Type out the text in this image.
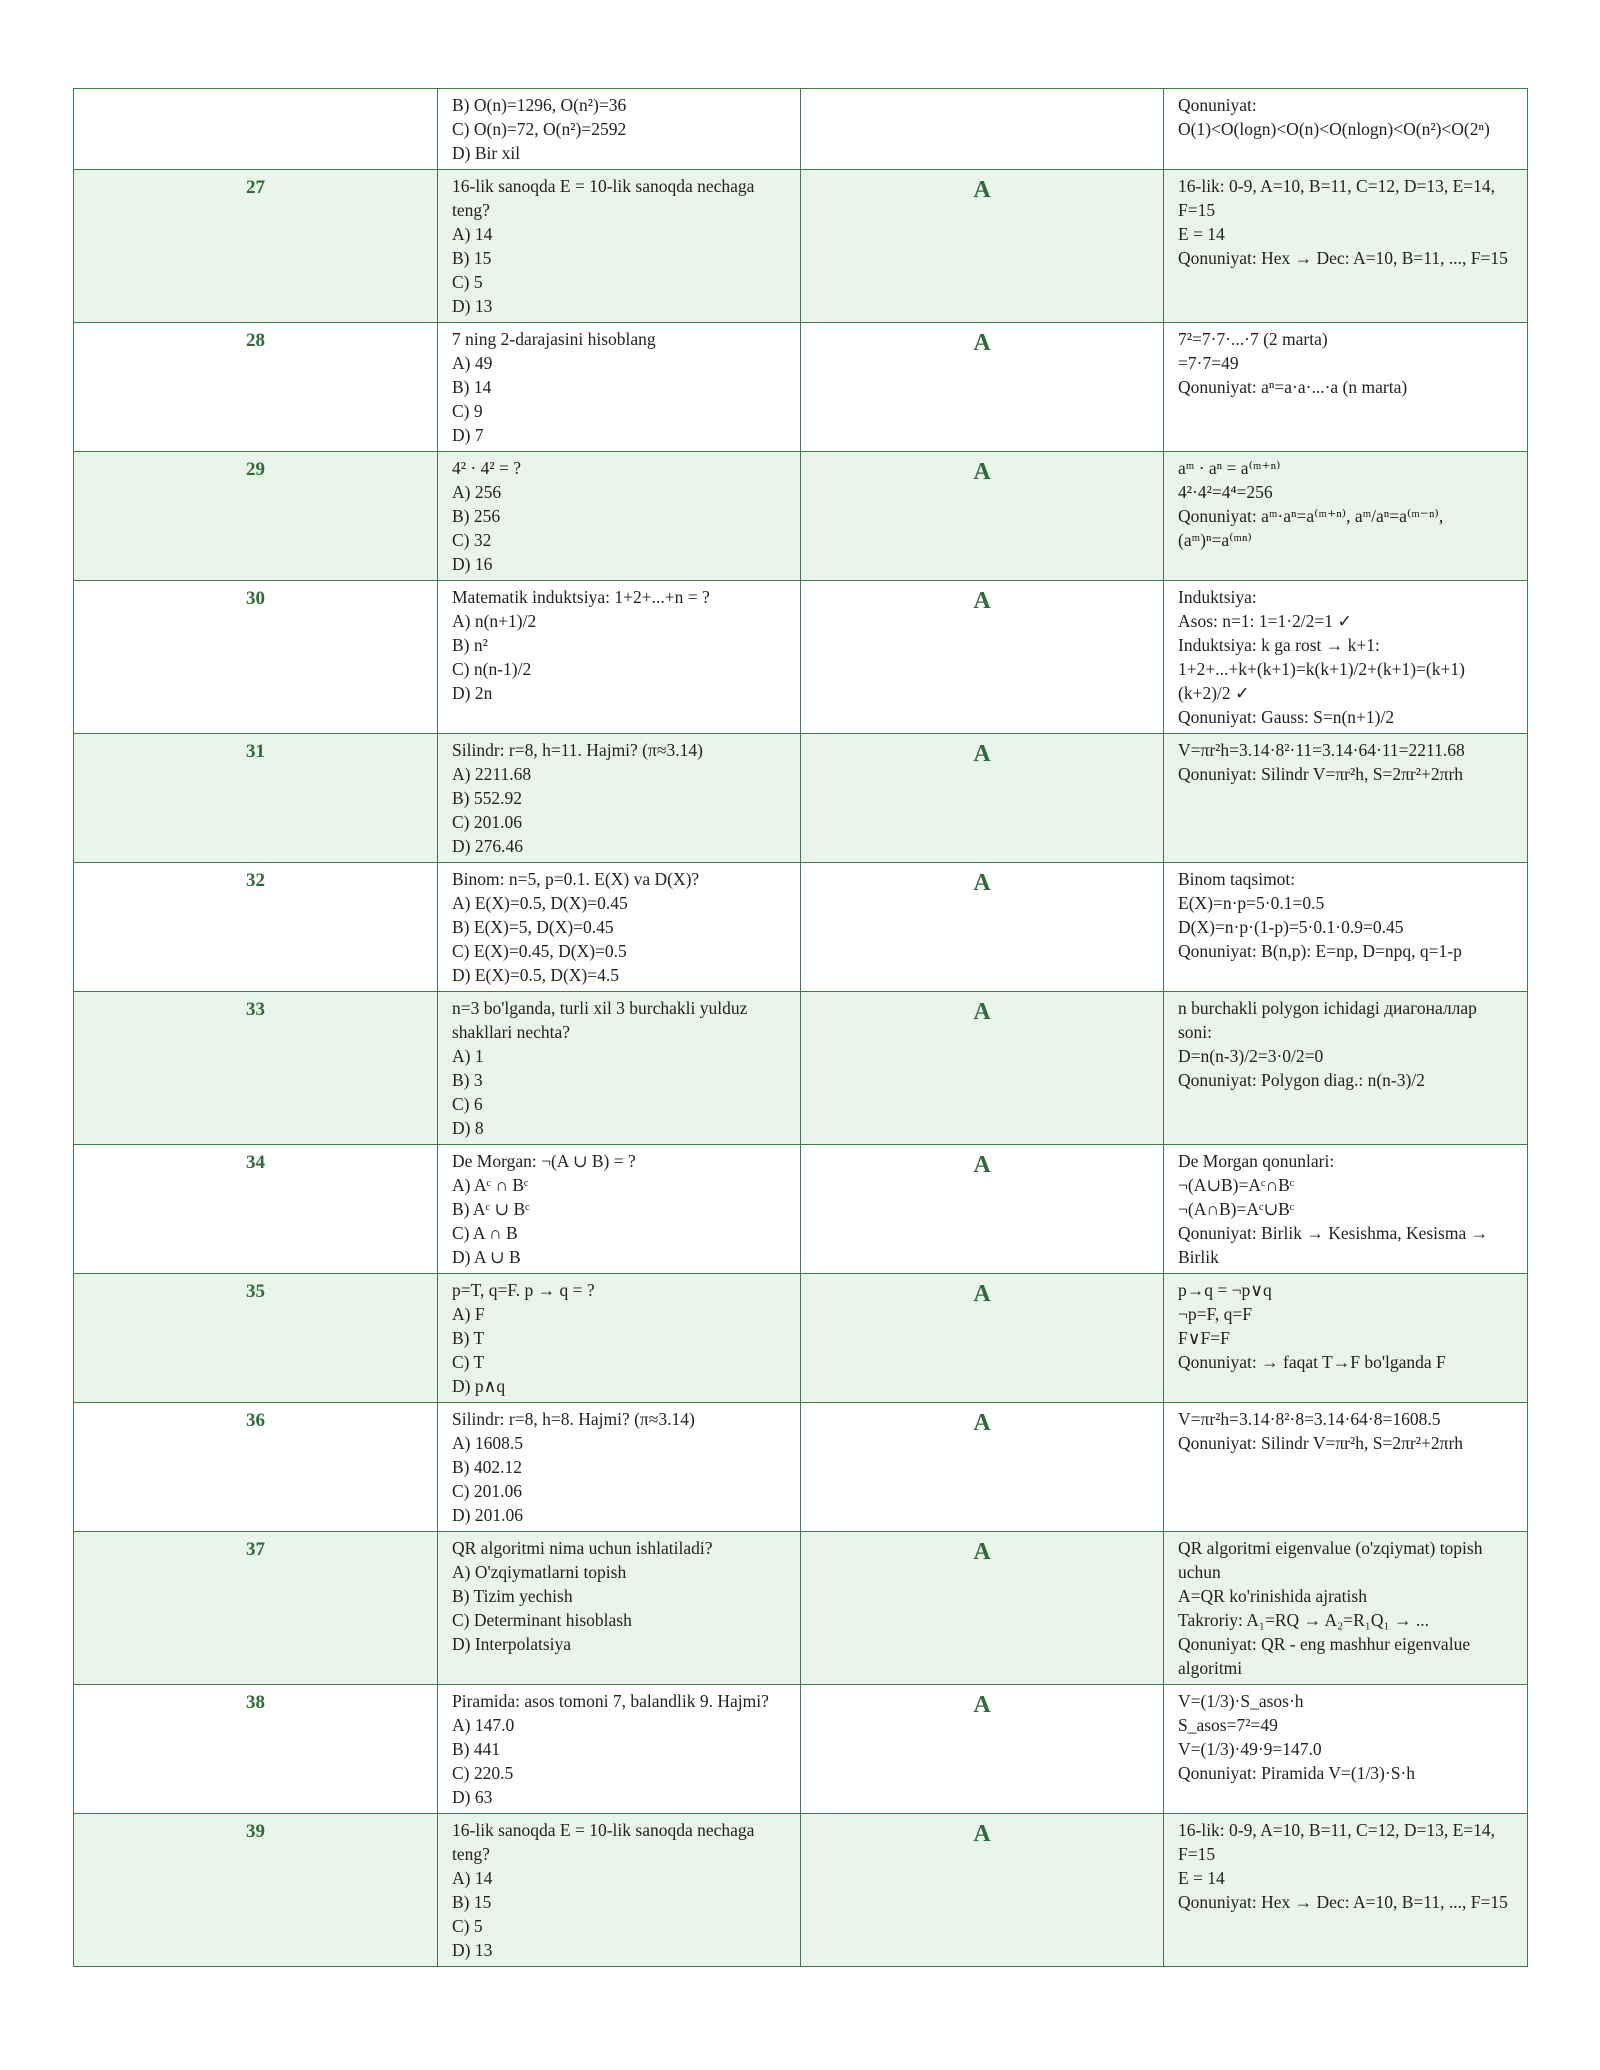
	B) O(n)=1296, O(n²)=36
C) O(n)=72, O(n²)=2592
D) Bir xil		Qonuniyat:
O(1)<O(logn)<O(n)<O(nlogn)<O(n²)<O(2ⁿ)

27	16-lik sanoqda E = 10-lik sanoqda nechaga teng?
A) 14
B) 15
C) 5
D) 13	A	16-lik: 0-9, A=10, B=11, C=12, D=13, E=14, F=15
E = 14
Qonuniyat: Hex → Dec: A=10, B=11, ..., F=15

28	7 ning 2-darajasini hisoblang
A) 49
B) 14
C) 9
D) 7	A	7²=7·7·...·7 (2 marta)
=7·7=49
Qonuniyat: aⁿ=a·a·...·a (n marta)

29	4² · 4² = ?
A) 256
B) 256
C) 32
D) 16	A	aᵐ · aⁿ = a⁽ᵐ⁺ⁿ⁾
4²·4²=4⁴=256
Qonuniyat: aᵐ·aⁿ=a⁽ᵐ⁺ⁿ⁾, aᵐ/aⁿ=a⁽ᵐ⁻ⁿ⁾, (aᵐ)ⁿ=a⁽ᵐⁿ⁾

30	Matematik induktsiya: 1+2+...+n = ?
A) n(n+1)/2
B) n²
C) n(n-1)/2
D) 2n	A	Induktsiya:
Asos: n=1: 1=1·2/2=1 ✓
Induktsiya: k ga rost → k+1:
1+2+...+k+(k+1)=k(k+1)/2+(k+1)=(k+1)(k+2)/2 ✓
Qonuniyat: Gauss: S=n(n+1)/2

31	Silindr: r=8, h=11. Hajmi? (π≈3.14)
A) 2211.68
B) 552.92
C) 201.06
D) 276.46	A	V=πr²h=3.14·8²·11=3.14·64·11=2211.68
Qonuniyat: Silindr V=πr²h, S=2πr²+2πrh

32	Binom: n=5, p=0.1. E(X) va D(X)?
A) E(X)=0.5, D(X)=0.45
B) E(X)=5, D(X)=0.45
C) E(X)=0.45, D(X)=0.5
D) E(X)=0.5, D(X)=4.5	A	Binom taqsimot:
E(X)=n·p=5·0.1=0.5
D(X)=n·p·(1-p)=5·0.1·0.9=0.45
Qonuniyat: B(n,p): E=np, D=npq, q=1-p

33	n=3 bo'lganda, turli xil 3 burchakli yulduz shakllari nechta?
A) 1
B) 3
C) 6
D) 8	A	n burchakli polygon ichidagi диагоналлар soni:
D=n(n-3)/2=3·0/2=0
Qonuniyat: Polygon diag.: n(n-3)/2

34	De Morgan: ¬(A ∪ B) = ?
A) Aᶜ ∩ Bᶜ
B) Aᶜ ∪ Bᶜ
C) A ∩ B
D) A ∪ B	A	De Morgan qonunlari:
¬(A∪B)=Aᶜ∩Bᶜ
¬(A∩B)=Aᶜ∪Bᶜ
Qonuniyat: Birlik → Kesishma, Kesisma → Birlik

35	p=T, q=F. p → q = ?
A) F
B) T
C) T
D) p∧q	A	p→q = ¬p∨q
¬p=F, q=F
F∨F=F
Qonuniyat: → faqat T→F bo'lganda F

36	Silindr: r=8, h=8. Hajmi? (π≈3.14)
A) 1608.5
B) 402.12
C) 201.06
D) 201.06	A	V=πr²h=3.14·8²·8=3.14·64·8=1608.5
Qonuniyat: Silindr V=πr²h, S=2πr²+2πrh

37	QR algoritmi nima uchun ishlatiladi?
A) O'zqiymatlarni topish
B) Tizim yechish
C) Determinant hisoblash
D) Interpolatsiya	A	QR algoritmi eigenvalue (o'zqiymat) topish uchun
A=QR ko'rinishida ajratish
Takroriy: A₁=RQ → A₂=R₁Q₁ → ...
Qonuniyat: QR - eng mashhur eigenvalue algoritmi

38	Piramida: asos tomoni 7, balandlik 9. Hajmi?
A) 147.0
B) 441
C) 220.5
D) 63	A	V=(1/3)·S_asos·h
S_asos=7²=49
V=(1/3)·49·9=147.0
Qonuniyat: Piramida V=(1/3)·S·h

39	16-lik sanoqda E = 10-lik sanoqda nechaga teng?
A) 14
B) 15
C) 5
D) 13	A	16-lik: 0-9, A=10, B=11, C=12, D=13, E=14, F=15
E = 14
Qonuniyat: Hex → Dec: A=10, B=11, ..., F=15
